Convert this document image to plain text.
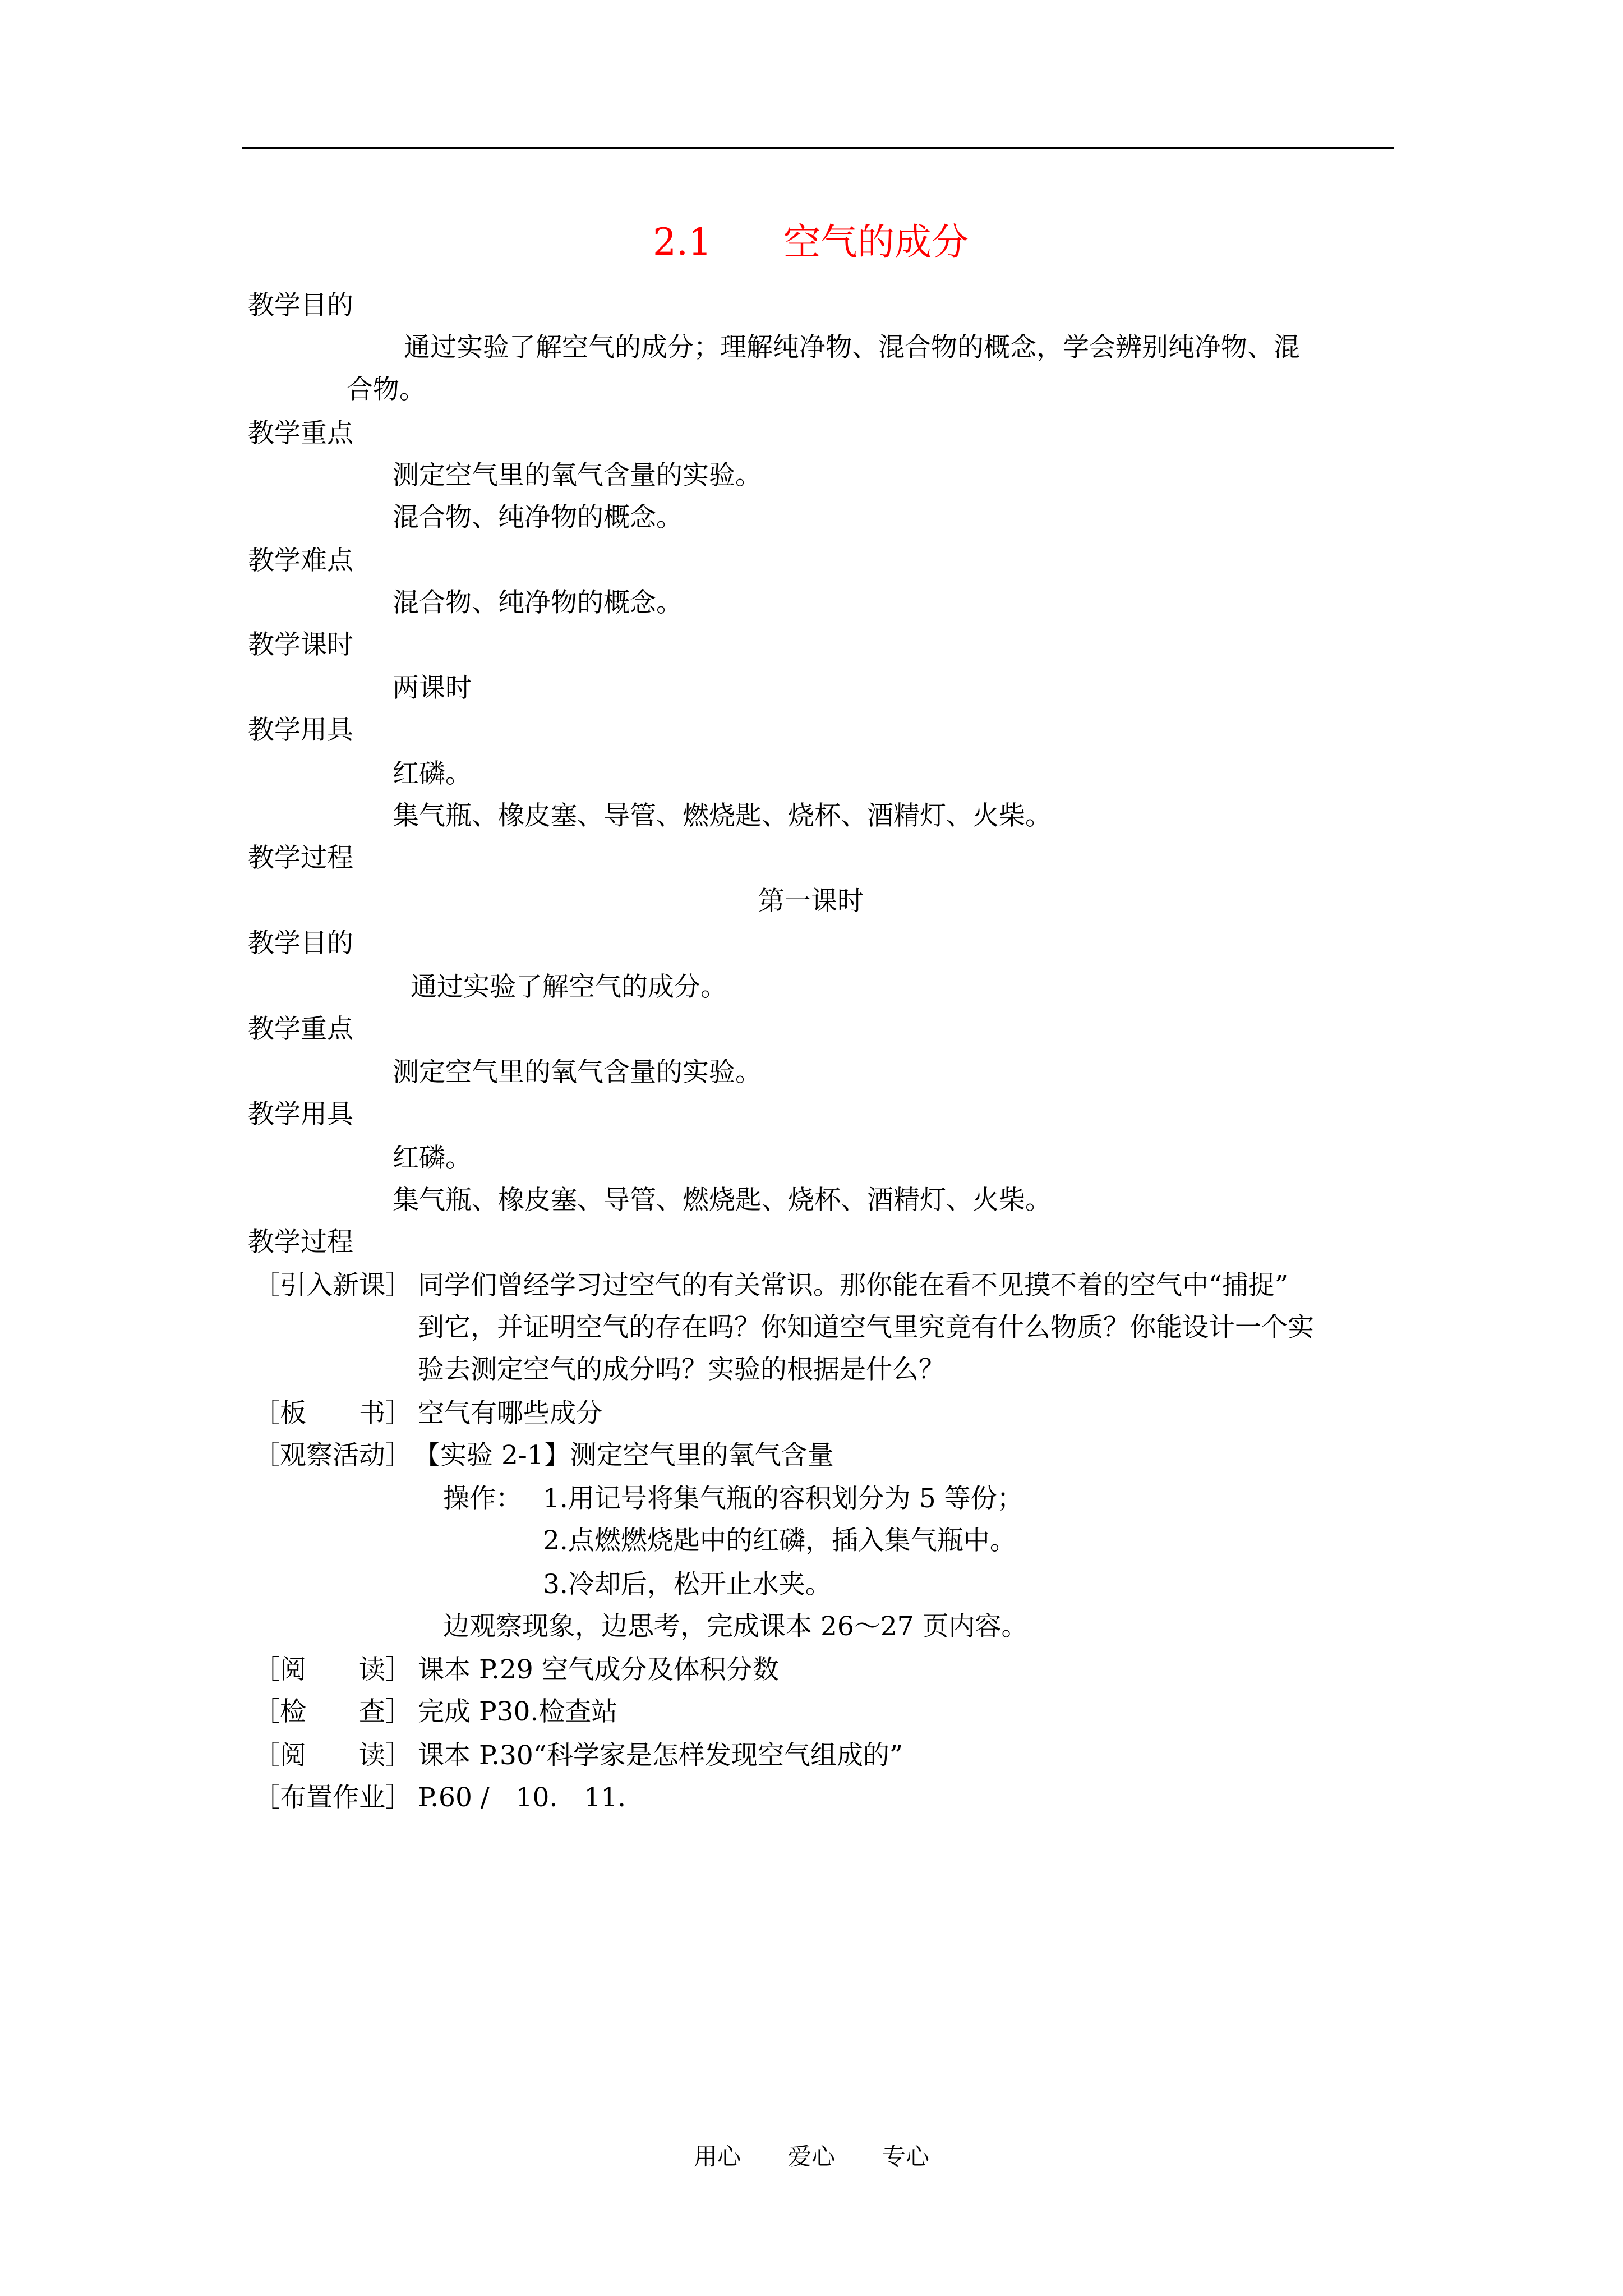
2.1 空气的成分
教学目的
通过实验了解空气的成分；理解纯净物、混合物的概念，学会辨别纯净物、混
合物。
教学重点
测定空气里的氧气含量的实验。
混合物、纯净物的概念。
教学难点
混合物、纯净物的概念。
教学课时
两课时
教学用具
红磷。
集气瓶、橡皮塞、导管、燃烧匙、烧杯、酒精灯、火柴。
教学过程
第一课时
教学目的
通过实验了解空气的成分。
教学重点
测定空气里的氧气含量的实验。
教学用具
红磷。
集气瓶、橡皮塞、导管、燃烧匙、烧杯、酒精灯、火柴。
教学过程
［引入新课］ 同学们曾经学习过空气的有关常识。那你能在看不见摸不着的空气中“捕捉”
到它，并证明空气的存在吗？你知道空气里究竟有什么物质？你能设计一个实
验去测定空气的成分吗？实验的根据是什么？
［板　　书］ 空气有哪些成分
［观察活动］ 【实验 2-1】测定空气里的氧气含量
操作： 1.用记号将集气瓶的容积划分为 5 等份；
2.点燃燃烧匙中的红磷，插入集气瓶中。
3.冷却后，松开止水夹。
边观察现象，边思考，完成课本 26～27 页内容。
［阅　　读］ 课本 P.29 空气成分及体积分数
［检　　查］ 完成 P30.检查站
［阅　　读］ 课本 P.30“科学家是怎样发现空气组成的”
［布置作业］ P.60 /　10.　11.
用心　　爱心　　专心
